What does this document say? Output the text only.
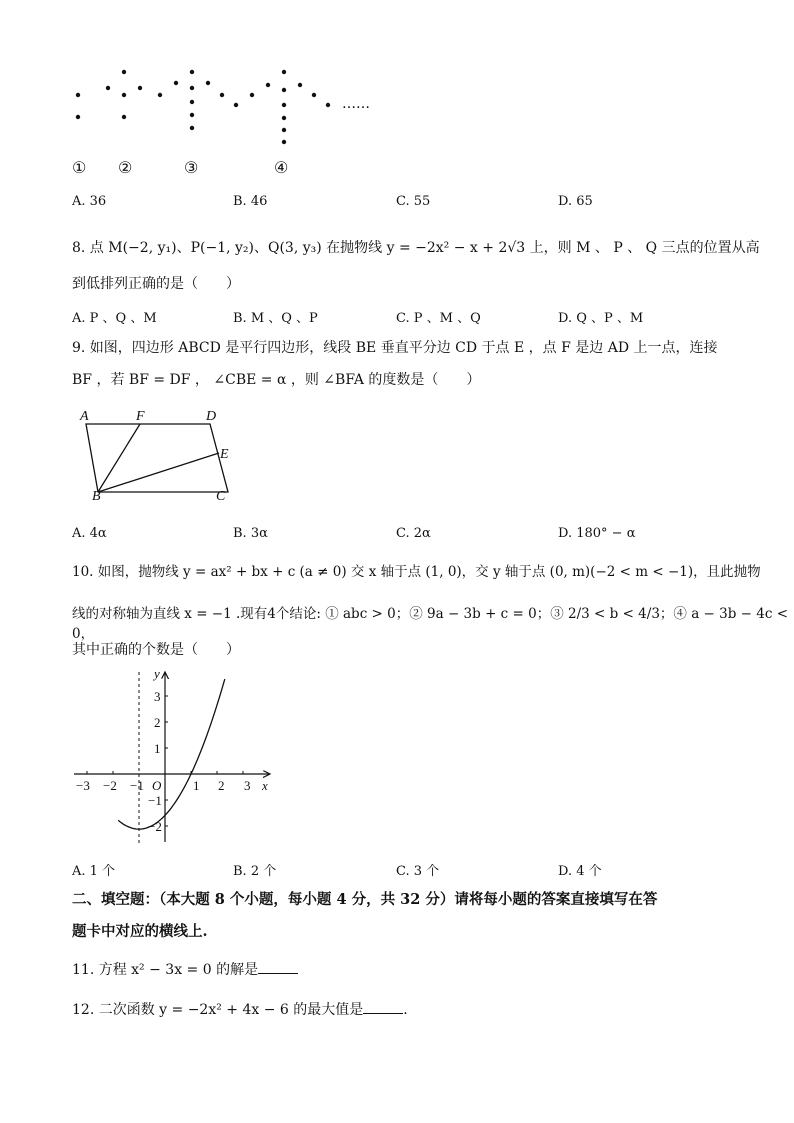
……
① ②	③	④
A. 36	B. 46	C. 55	D. 65
8. 点 M(−2, y₁)、P(−1, y₂)、Q(3, y₃) 在抛物线 y = −2x² − x + 2√3 上，则 M 、 P 、 Q 三点的位置从高
到低排列正确的是（　　）
A. P 、Q 、M	B. M 、Q 、P	C. P 、M 、Q	D. Q 、P 、M
9. 如图，四边形 ABCD 是平行四边形，线段 BE 垂直平分边 CD 于点 E ，点 F 是边 AD 上一点，连接
BF ，若 BF = DF ， ∠CBE = α ，则 ∠BFA 的度数是（　　）
A	F	D
E
B	C
A. 4α	B. 3α	C. 2α	D. 180° − α
10. 如图，抛物线 y = ax² + bx + c (a ≠ 0) 交 x 轴于点 (1, 0)，交 y 轴于点 (0, m)(−2 < m < −1)，且此抛物
线的对称轴为直线 x = −1 .现有4个结论: ① abc > 0；② 9a − 3b + c = 0；③ 2/3 < b < 4/3；④ a − 3b − 4c < 0，
其中正确的个数是（　　）
−3 −2 −1	1 2 3
3
2
1
−1
−2
O	x
y
A. 1 个	B. 2 个	C. 3 个	D. 4 个
二、填空题：（本大题 8 个小题，每小题 4 分，共 32 分）请将每小题的答案直接填写在答
题卡中对应的横线上.
11. 方程 x² − 3x = 0 的解是
12. 二次函数 y = −2x² + 4x − 6 的最大值是	.
